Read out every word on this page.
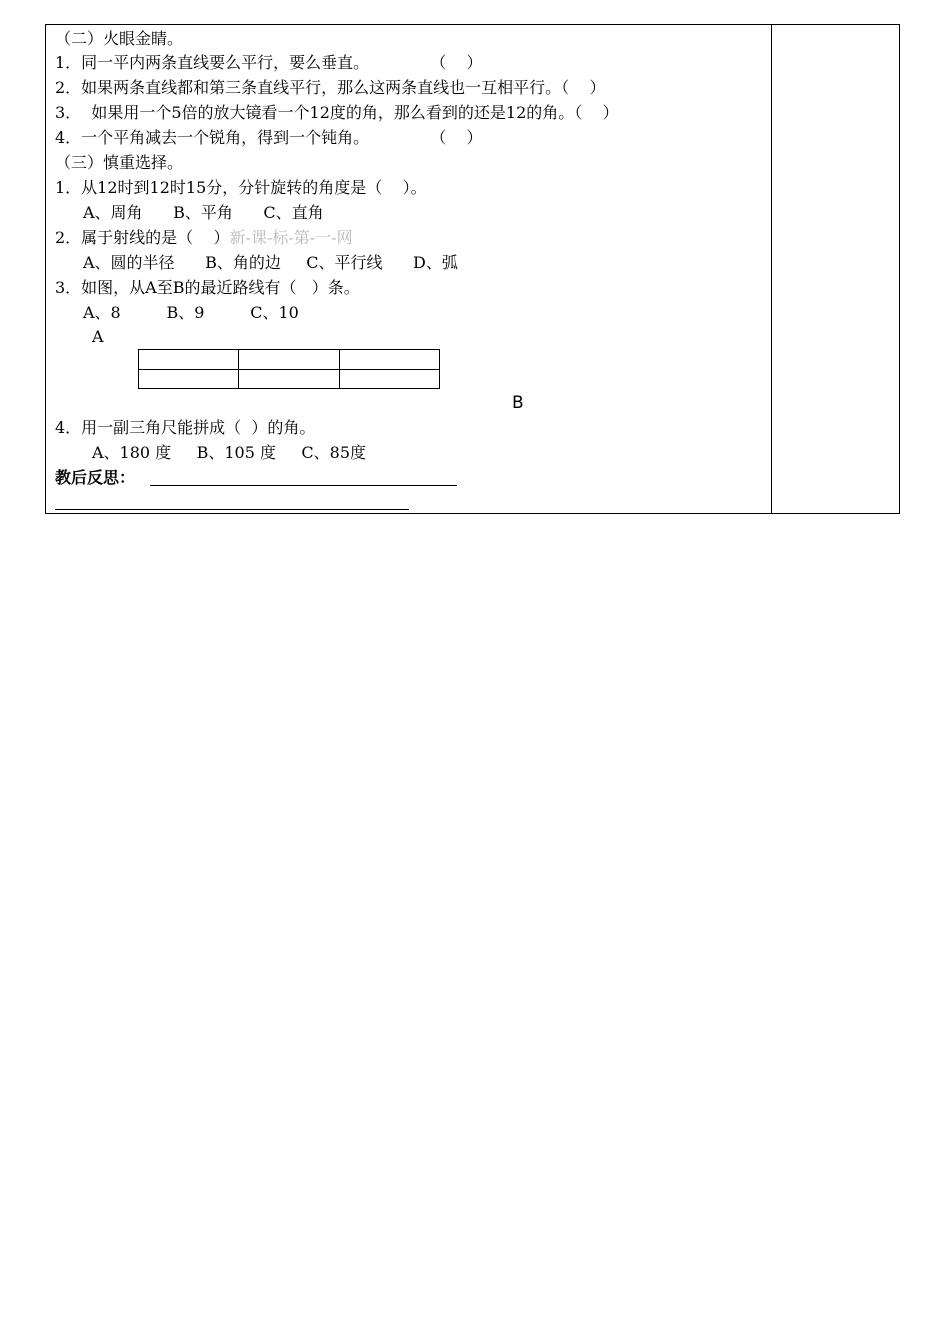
（二）火眼金睛。
1．同一平内两条直线要么平行，要么垂直。            （    ）
2．如果两条直线都和第三条直线平行，那么这两条直线也一互相平行。（    ）
3．  如果用一个5倍的放大镜看一个12度的角，那么看到的还是12的角。（    ）
4．一个平角减去一个锐角，得到一个钝角。            （    ）
（三）慎重选择。
1．从12时到12时15分，分针旋转的角度是（    ）。
A、周角      B、平角      C、直角
2．属于射线的是（    ）新-课-标-第-一-网
A、圆的半径      B、角的边     C、平行线      D、弧
3．如图，从A至B的最近路线有（   ）条。
A、8         B、9         C、10
A

B
4．用一副三角尺能拼成（  ）的角。
A、180 度     B、105 度     C、85度
教后反思：
